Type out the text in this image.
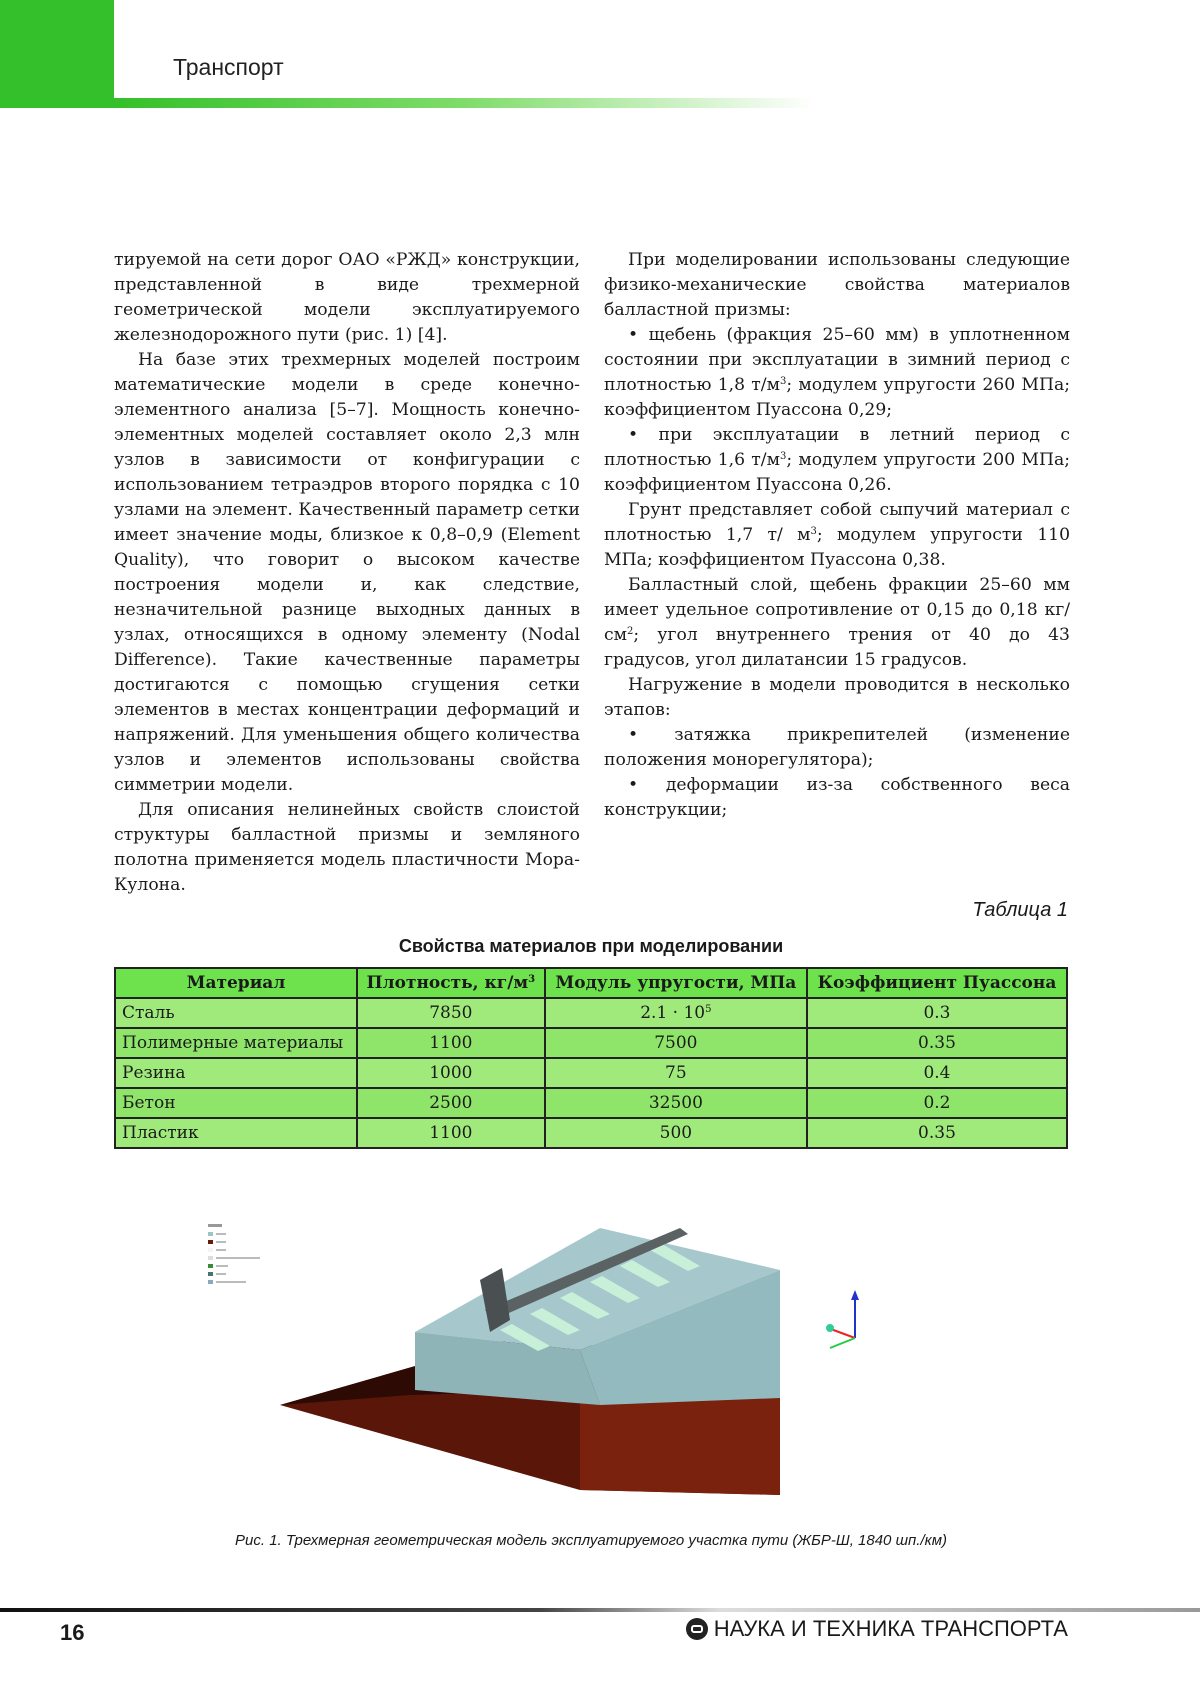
Транспорт

тируемой на сети дорог ОАО «РЖД» конструкции, представленной в виде трехмерной геометрической модели эксплуатируемого железнодорожного пути (рис. 1) [4].

На базе этих трехмерных моделей построим математические модели в среде конечно-элементного анализа [5–7]. Мощность конечно-элементных моделей составляет около 2,3 млн узлов в зависимости от конфигурации с использованием тетраэдров второго порядка с 10 узлами на элемент. Качественный параметр сетки имеет значение моды, близкое к 0,8–0,9 (Element Quality), что говорит о высоком качестве построения модели и, как следствие, незначительной разнице выходных данных в узлах, относящихся в одному элементу (Nodal Difference). Такие качественные параметры достигаются с помощью сгущения сетки элементов в местах концентрации деформаций и напряжений. Для уменьшения общего количества узлов и элементов использованы свойства симметрии модели.

Для описания нелинейных свойств слоистой структуры балластной призмы и земляного полотна применяется модель пластичности Мора-Кулона.

При моделировании использованы следующие физико-механические свойства материалов балластной призмы:

• щебень (фракция 25–60 мм) в уплотненном состоянии при эксплуатации в зимний период с плотностью 1,8 $т/м^3$; модулем упругости 260 МПа; коэффициентом Пуассона 0,29;

• при эксплуатации в летний период с плотностью 1,6 $т/м^3$; модулем упругости 200 МПа; коэффициентом Пуассона 0,26.

Грунт представляет собой сыпучий материал с плотностью 1,7 т/ $м^3$; модулем упругости 110 МПа; коэффициентом Пуассона 0,38.

Балластный слой, щебень фракции 25–60 мм имеет удельное сопротивление от 0,15 до 0,18 $кг/см^2$; угол внутреннего трения от 40 до 43 градусов, угол дилатансии 15 градусов.

Нагружение в модели проводится в несколько этапов:

• затяжка прикрепителей (изменение положения монорегулятора);

• деформации из-за собственного веса конструкции;

Таблица 1
Свойства материалов при моделировании
Материал	Плотность, $кг/м^3$	Модуль упругости, МПа	Коэффициент Пуассона
Сталь	7850	$2.1 \cdot 10^5$	0.3
Полимерные материалы	1100	7500	0.35
Резина	1000	75	0.4
Бетон	2500	32500	0.2
Пластик	1100	500	0.35
Рис. 1. Трехмерная геометрическая модель эксплуатируемого участка пути (ЖБР-Ш, 1840 шп./км)
16	НАУКА И ТЕХНИКА ТРАНСПОРТА
